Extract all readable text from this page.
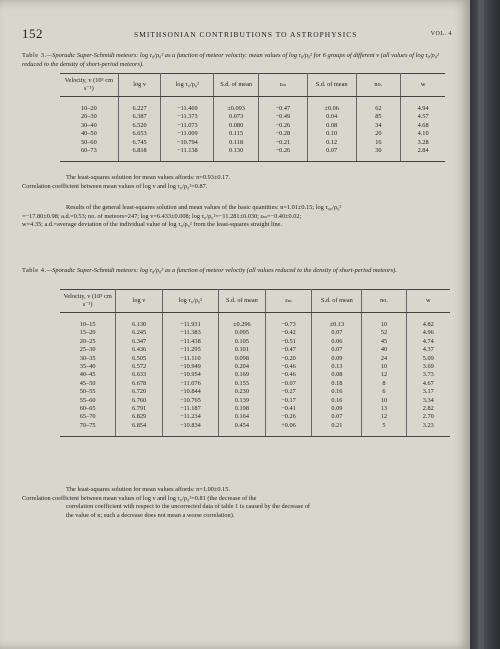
152	SMITHSONIAN CONTRIBUTIONS TO ASTROPHYSICS	VOL. 4
Table 3.—Sporadic Super-Schmidt meteors: log τ₀/ρ₀² as a function of meteor velocity: mean values of log τ₀/ρ₀² for 6 groups of different v (all values of log τ₀/ρ₀² reduced to the density of short-period meteors).
Velocity, v (10⁵ cm s⁻¹)	log v	log τ₀/ρ₀²	S.d. of mean	εₘ	S.d. of mean	no.	w
10–20	6.227	−11.469	±0.093	−0.47	±0.06	62	4.94
20–30	6.387	−11.373	0.073	−0.49	0.04	85	4.57
30–40	6.520	−11.073	0.080	−0.26	0.08	34	4.68
40–50	6.653	−11.009	0.115	−0.28	0.10	20	4.10
50–60	6.745	−10.794	0.118	−0.21	0.12	16	3.28
60–73	6.818	−11.138	0.130	−0.26	0.07	30	2.84
The least-squares solution for mean values affords: n=0.93±0.17.
Correlation coefficient between mean values of log v and log τ₀/ρ₀²=0.87.
Results of the general least-squares solution and mean values of the basic quantities: n=1.01±0.15; log τ₀₀/ρ₀²
=−17.80±0.98; a.d.=0.53; no. of meteors=247; log v=6.433±0.008; log τ₀/ρ₀²=−11.281±0.030; εₘ=−0.40±0.02;
w=4.35; a.d.=average deviation of the individual value of log τ₀/ρ₀² from the least-squares straight line.
Table 4.—Sporadic Super-Schmidt meteors: log τ₀/ρ₀² as a function of meteor velocity (all values reduced to the density of short-period meteors).
Velocity, v (10⁵ cm s⁻¹)	log v	log τ₀/ρ₀²	S.d. of mean	εₘ	S.d. of mean	no.	w
10–15	6.130	−11.931	±0.296	−0.73	±0.13	10	4.82
15–20	6.245	−11.383	0.095	−0.42	0.07	52	4.96
20–25	6.347	−11.438	0.105	−0.51	0.06	45	4.74
25–30	6.436	−11.295	0.101	−0.47	0.07	40	4.37
30–35	6.505	−11.110	0.098	−0.20	0.09	24	5.09
35–40	6.572	−10.949	0.204	−0.46	0.13	10	3.69
40–45	6.633	−10.954	0.169	−0.46	0.08	12	3.73
45–50	6.678	−11.076	0.155	−0.07	0.18	8	4.67
50–55	6.720	−10.844	0.230	−0.27	0.16	6	3.17
55–60	6.760	−10.765	0.139	−0.17	0.16	10	3.34
60–65	6.791	−11.187	0.198	−0.41	0.09	13	2.82
65–70	6.829	−11.234	0.164	−0.26	0.07	12	2.70
70–75	6.854	−10.834	0.454	+0.06	0.21	5	3.23
The least-squares solution for mean values affords: n=1.00±0.15.
Correlation coefficient between mean values of log v and log τ₀/ρ₀²=0.81 (the decrease of the
correlation coefficient with respect to the uncorrected data of table 1 is caused by the decrease of
the value of n; such a decrease does not mean a worse correlation).
